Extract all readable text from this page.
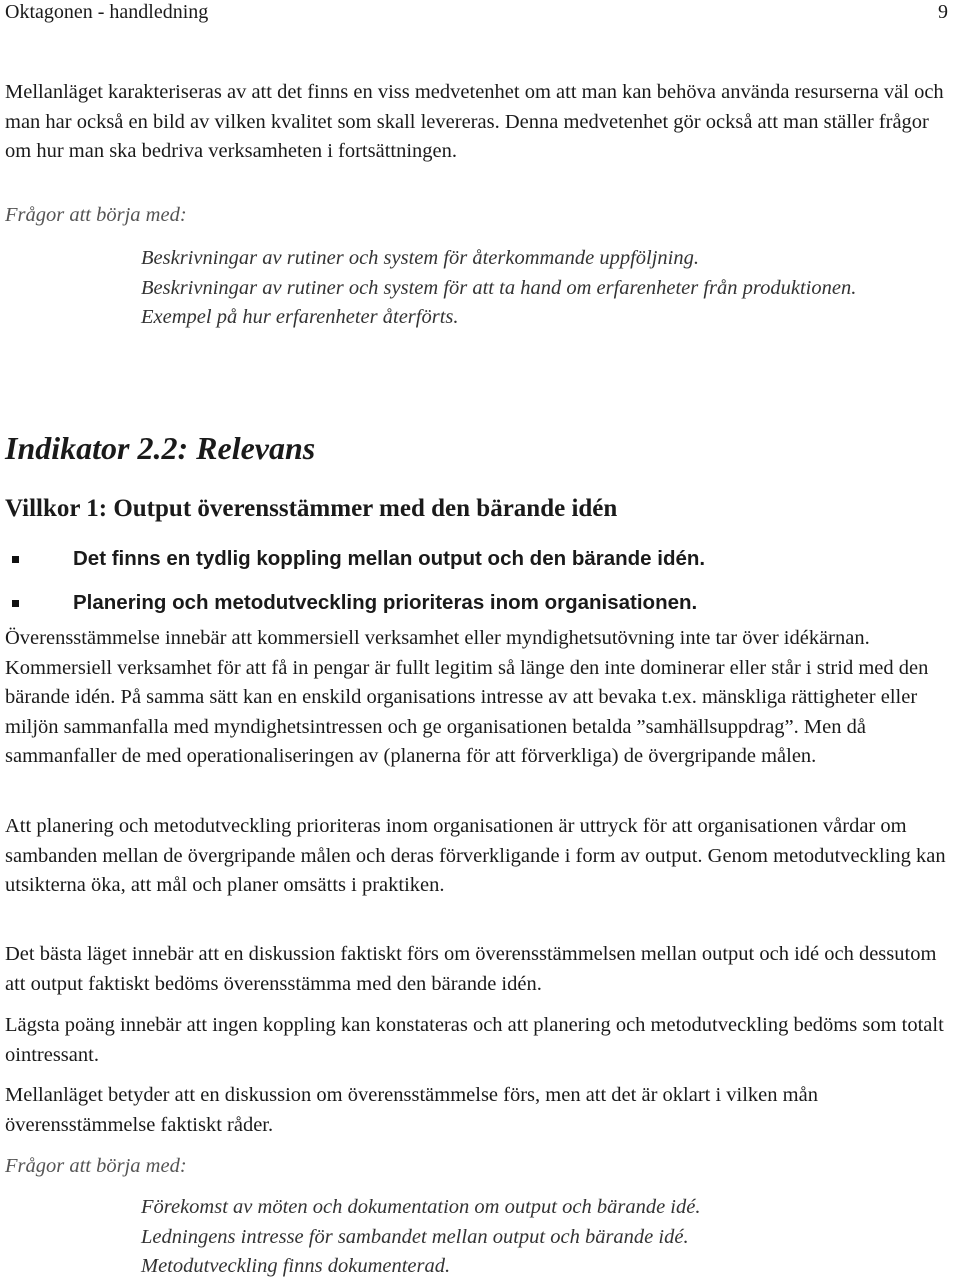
Oktagonen - handledning	9

Mellanläget karakteriseras av att det finns en viss medvetenhet om att man kan behöva använda resurserna väl och man har också en bild av vilken kvalitet som skall levereras. Denna medvetenhet gör också att man ställer frågor om hur man ska bedriva verksamheten i fortsättningen.

Frågor att börja med:

Beskrivningar av rutiner och system för återkommande uppföljning.
Beskrivningar av rutiner och system för att ta hand om erfarenheter från produktionen.
Exempel på hur erfarenheter återförts.
Indikator 2.2: Relevans
Villkor 1: Output överensstämmer med den bärande idén
Det finns en tydlig koppling mellan output och den bärande idén.
Planering och metodutveckling prioriteras inom organisationen.

Överensstämmelse innebär att kommersiell verksamhet eller myndighetsutövning inte tar över idékärnan. Kommersiell verksamhet för att få in pengar är fullt legitim så länge den inte dominerar eller står i strid med den bärande idén. På samma sätt kan en enskild organisations intresse av att bevaka t.ex. mänskliga rättigheter eller miljön sammanfalla med myndighetsintressen och ge organisationen betalda ”samhällsuppdrag”. Men då sammanfaller de med operationaliseringen av (planerna för att förverkliga) de övergripande målen.

Att planering och metodutveckling prioriteras inom organisationen är uttryck för att organisationen vårdar om sambanden mellan de övergripande målen och deras förverkligande i form av output. Genom metodutveckling kan utsikterna öka, att mål och planer omsätts i praktiken.

Det bästa läget innebär att en diskussion faktiskt förs om överensstämmelsen mellan output och idé och dessutom att output faktiskt bedöms överensstämma med den bärande idén.

Lägsta poäng innebär att ingen koppling kan konstateras och att planering och metodutveckling bedöms som totalt ointressant.

Mellanläget betyder att en diskussion om överensstämmelse förs, men att det är oklart i vilken mån överensstämmelse faktiskt råder.

Frågor att börja med:

Förekomst av möten och dokumentation om output och bärande idé.
Ledningens intresse för sambandet mellan output och bärande idé.
Metodutveckling finns dokumenterad.
